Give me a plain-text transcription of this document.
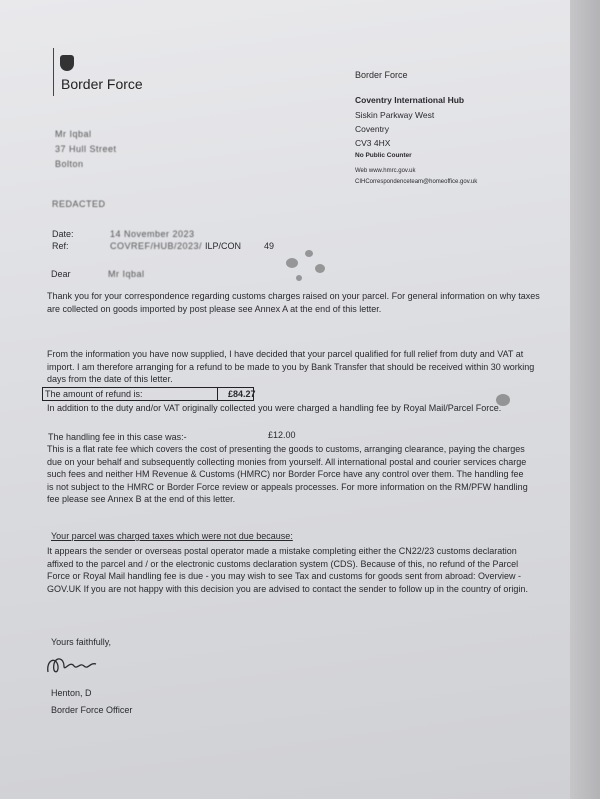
Border Force
Border Force
Coventry International Hub
Siskin Parkway West
Coventry
CV3 4HX
No Public Counter
Web www.hmrc.gov.uk
CIHCorrespondenceteam@homeoffice.gov.uk
Mr Iqbal
37 Hull Street
Bolton
REDACTED
Date:	14 November 2023
Ref:	COVREF/HUB/2023/ ILP/CON	49
Dear	Mr Iqbal

Thank you for your correspondence regarding customs charges raised on your parcel. For general information on why taxes are collected on goods imported by post please see Annex A at the end of this letter.

From the information you have now supplied, I have decided that your parcel qualified for full relief from duty and VAT at import. I am therefore arranging for a refund to be made to you by Bank Transfer that should be received within 30 working days from the date of this letter.

The amount of refund is:	£84.27

In addition to the duty and/or VAT originally collected you were charged a handling fee by Royal Mail/Parcel Force.

The handling fee in this case was:-	£12.00

This is a flat rate fee which covers the cost of presenting the goods to customs, arranging clearance, paying the charges due on your behalf and subsequently collecting monies from yourself. All international postal and courier services charge such fees and neither HM Revenue & Customs (HMRC) nor Border Force have any control over them. The handling fee is not subject to the HMRC or Border Force review or appeals processes. For more information on the RM/PFW handling fee please see Annex B at the end of this letter.

Your parcel was charged taxes which were not due because:

It appears the sender or overseas postal operator made a mistake completing either the CN22/23 customs declaration affixed to the parcel and / or the electronic customs declaration system (CDS). Because of this, no refund of the Parcel Force or Royal Mail handling fee is due - you may wish to see Tax and customs for goods sent from abroad: Overview - GOV.UK If you are not happy with this decision you are advised to contact the sender to follow up in the country of origin.

Yours faithfully,
Henton, D
Border Force Officer
